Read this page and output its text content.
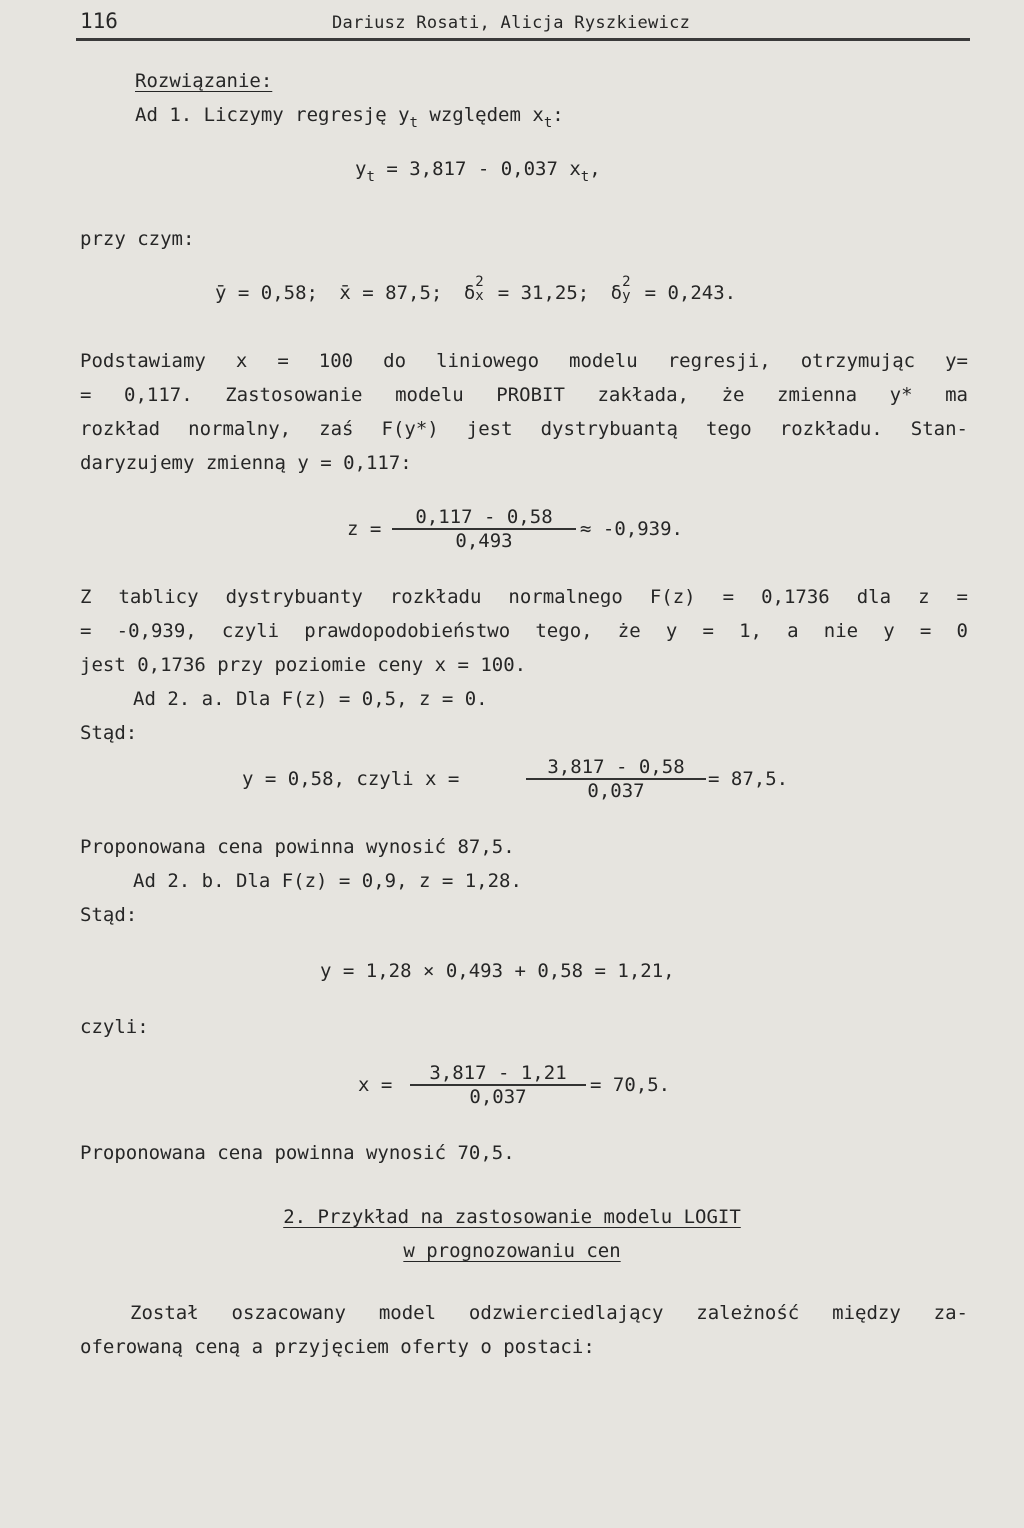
116	Dariusz Rosati, Alicja Ryszkiewicz
Rozwiązanie:
Ad 1. Liczymy regresję $y_t$ względem $x_t$:
$y_t = 3,817 - 0,037$ $x_t$,
przy czym:
ȳ = 0,58; x̄ = 87,5; δ 2
x = 31,25; δ 2
y = 0,243.
Podstawiamy x = 100 do liniowego modelu regresji, otrzymując y=
= 0,117. Zastosowanie modelu PROBIT zakłada, że zmienna y* ma
rozkład normalny, zaś F(y*) jest dystrybuantą tego rozkładu. Stan-
daryzujemy zmienną y = 0,117:
z =
0,117 - 0,58
0,493
≈ -0,939.
Z tablicy dystrybuanty rozkładu normalnego F(z) = 0,1736 dla z =
= -0,939, czyli prawdopodobieństwo tego, że y = 1, a nie y = 0
jest 0,1736 przy poziomie ceny x = 100.
Ad 2. a. Dla F(z) = 0,5, z = 0.
Stąd:
y = 0,58, czyli x =
3,817 - 0,58
0,037
= 87,5.
Proponowana cena powinna wynosić 87,5.
Ad 2. b. Dla F(z) = 0,9, z = 1,28.
Stąd:
y = 1,28 × 0,493 + 0,58 = 1,21,
czyli:
x =
3,817 - 1,21
0,037
= 70,5.
Proponowana cena powinna wynosić 70,5.
2. Przykład na zastosowanie modelu LOGIT
w prognozowaniu cen
Został oszacowany model odzwierciedlający zależność między za-
oferowaną ceną a przyjęciem oferty o postaci:
